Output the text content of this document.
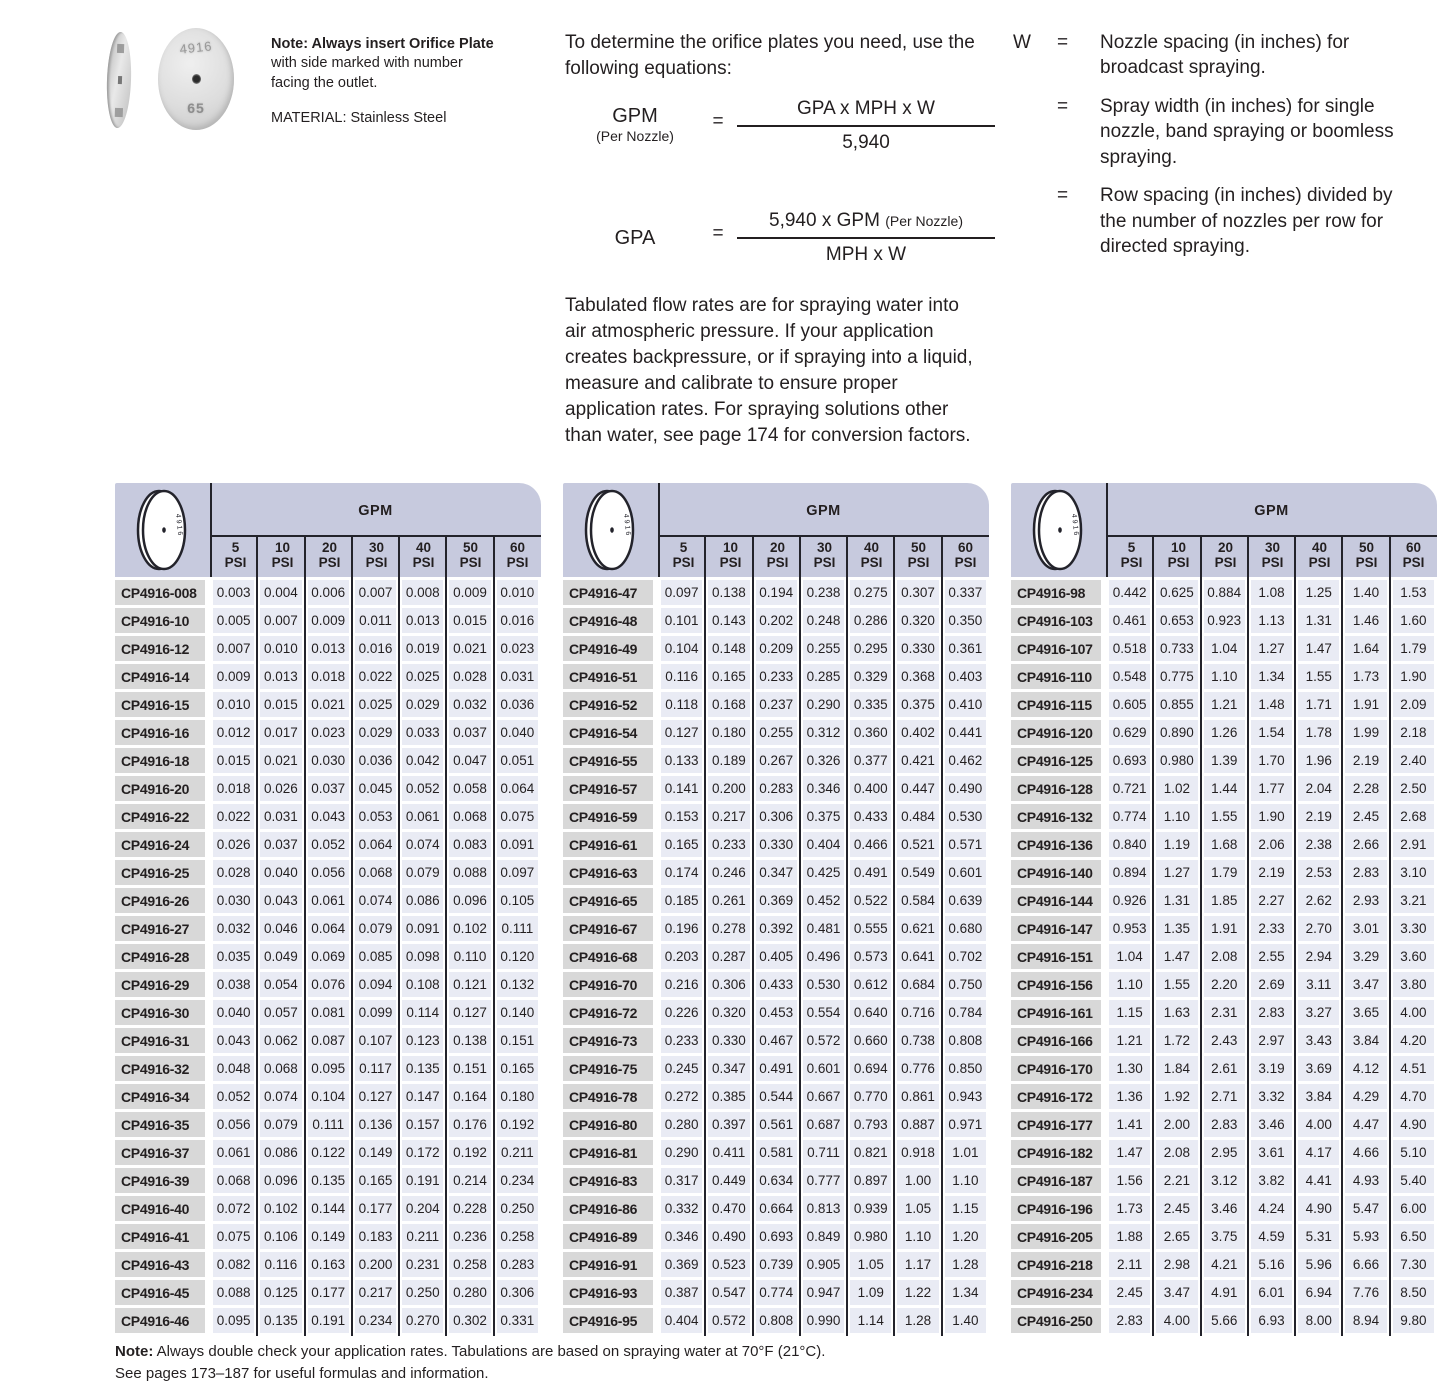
4916
65
Note: Always insert Orifice Plate with side marked with number facing the outlet.
MATERIAL: Stainless Steel
To determine the orifice plates you need, use the following equations:
GPM
(Per Nozzle)
=
GPA x MPH x W
5,940
GPA	=
5,940 x GPM (Per Nozzle)
MPH x W
Tabulated flow rates are for spraying water into air atmospheric pressure. If your application creates backpressure, or if spraying into a liquid, measure and calibrate to ensure proper application rates. For spraying solutions other than water, see page 174 for conversion factors.
W	=	Nozzle spacing (in inches) for broadcast spraying.
=	Spray width (in inches) for single nozzle, band spraying or boomless spraying.
=	Row spacing (in inches) divided by the number of nozzles per row for directed spraying.
4916
GPM
5
PSI
10
PSI
20
PSI
30
PSI
40
PSI
50
PSI
60
PSI
CP4916-008	0.003 0.004 0.006 0.007 0.008 0.009 0.010
CP4916-10	0.005 0.007 0.009	0.011	0.013 0.015 0.016
CP4916-12	0.007 0.010 0.013 0.016 0.019 0.021 0.023
CP4916-14	0.009 0.013 0.018 0.022 0.025 0.028 0.031
CP4916-15	0.010 0.015 0.021 0.025 0.029 0.032 0.036
CP4916-16	0.012 0.017 0.023 0.029 0.033 0.037 0.040
CP4916-18	0.015 0.021 0.030 0.036 0.042 0.047 0.051
CP4916-20	0.018 0.026 0.037 0.045 0.052 0.058 0.064
CP4916-22	0.022 0.031 0.043 0.053 0.061 0.068 0.075
CP4916-24	0.026 0.037 0.052 0.064 0.074 0.083 0.091
CP4916-25	0.028 0.040 0.056 0.068 0.079 0.088 0.097
CP4916-26	0.030 0.043 0.061 0.074 0.086 0.096 0.105
CP4916-27	0.032 0.046 0.064 0.079 0.091 0.102	0.111
CP4916-28	0.035 0.049 0.069 0.085 0.098	0.110	0.120
CP4916-29	0.038 0.054 0.076 0.094 0.108 0.121 0.132
CP4916-30	0.040 0.057 0.081 0.099	0.114	0.127 0.140
CP4916-31	0.043 0.062 0.087 0.107 0.123 0.138 0.151
CP4916-32	0.048 0.068 0.095	0.117	0.135 0.151 0.165
CP4916-34	0.052 0.074 0.104 0.127 0.147 0.164 0.180
CP4916-35	0.056 0.079	0.111	0.136 0.157 0.176 0.192
CP4916-37	0.061 0.086 0.122 0.149 0.172 0.192	0.211
CP4916-39	0.068 0.096 0.135 0.165 0.191 0.214 0.234
CP4916-40	0.072 0.102 0.144 0.177 0.204 0.228 0.250
CP4916-41	0.075 0.106 0.149 0.183	0.211	0.236 0.258
CP4916-43	0.082	0.116	0.163 0.200 0.231 0.258 0.283
CP4916-45	0.088 0.125 0.177 0.217 0.250 0.280 0.306
CP4916-46	0.095 0.135 0.191 0.234 0.270 0.302 0.331
4916
GPM
5
PSI
10
PSI
20
PSI
30
PSI
40
PSI
50
PSI
60
PSI
CP4916-47	0.097 0.138 0.194 0.238 0.275 0.307 0.337
CP4916-48	0.101 0.143 0.202 0.248 0.286 0.320 0.350
CP4916-49	0.104 0.148 0.209 0.255 0.295 0.330 0.361
CP4916-51	0.116	0.165 0.233 0.285 0.329 0.368 0.403
CP4916-52	0.118	0.168 0.237 0.290 0.335 0.375 0.410
CP4916-54	0.127 0.180 0.255 0.312 0.360 0.402 0.441
CP4916-55	0.133 0.189 0.267 0.326 0.377 0.421 0.462
CP4916-57	0.141 0.200 0.283 0.346 0.400 0.447 0.490
CP4916-59	0.153 0.217 0.306 0.375 0.433 0.484 0.530
CP4916-61	0.165 0.233 0.330 0.404 0.466 0.521 0.571
CP4916-63	0.174 0.246 0.347 0.425 0.491 0.549 0.601
CP4916-65	0.185 0.261 0.369 0.452 0.522 0.584 0.639
CP4916-67	0.196 0.278 0.392 0.481 0.555 0.621 0.680
CP4916-68	0.203 0.287 0.405 0.496 0.573 0.641 0.702
CP4916-70	0.216 0.306 0.433 0.530 0.612 0.684 0.750
CP4916-72	0.226 0.320 0.453 0.554 0.640 0.716 0.784
CP4916-73	0.233 0.330 0.467 0.572 0.660 0.738 0.808
CP4916-75	0.245 0.347 0.491 0.601 0.694 0.776 0.850
CP4916-78	0.272 0.385 0.544 0.667 0.770 0.861 0.943
CP4916-80	0.280 0.397 0.561 0.687 0.793 0.887 0.971
CP4916-81	0.290	0.411	0.581	0.711	0.821 0.918	1.01
CP4916-83	0.317 0.449 0.634 0.777 0.897	1.00	1.10
CP4916-86	0.332 0.470 0.664 0.813 0.939	1.05	1.15
CP4916-89	0.346 0.490 0.693 0.849 0.980	1.10	1.20
CP4916-91	0.369 0.523 0.739 0.905	1.05	1.17	1.28
CP4916-93	0.387 0.547 0.774 0.947	1.09	1.22	1.34
CP4916-95	0.404 0.572 0.808 0.990	1.14	1.28	1.40
4916
GPM
5
PSI
10
PSI
20
PSI
30
PSI
40
PSI
50
PSI
60
PSI
CP4916-98	0.442 0.625 0.884	1.08	1.25	1.40	1.53
CP4916-103	0.461 0.653 0.923	1.13	1.31	1.46	1.60
CP4916-107	0.518 0.733	1.04	1.27	1.47	1.64	1.79
CP4916-110	0.548 0.775	1.10	1.34	1.55	1.73	1.90
CP4916-115	0.605 0.855	1.21	1.48	1.71	1.91	2.09
CP4916-120	0.629 0.890	1.26	1.54	1.78	1.99	2.18
CP4916-125	0.693 0.980	1.39	1.70	1.96	2.19	2.40
CP4916-128	0.721	1.02	1.44	1.77	2.04	2.28	2.50
CP4916-132	0.774	1.10	1.55	1.90	2.19	2.45	2.68
CP4916-136	0.840	1.19	1.68	2.06	2.38	2.66	2.91
CP4916-140	0.894	1.27	1.79	2.19	2.53	2.83	3.10
CP4916-144	0.926	1.31	1.85	2.27	2.62	2.93	3.21
CP4916-147	0.953	1.35	1.91	2.33	2.70	3.01	3.30
CP4916-151	1.04	1.47	2.08	2.55	2.94	3.29	3.60
CP4916-156	1.10	1.55	2.20	2.69	3.11	3.47	3.80
CP4916-161	1.15	1.63	2.31	2.83	3.27	3.65	4.00
CP4916-166	1.21	1.72	2.43	2.97	3.43	3.84	4.20
CP4916-170	1.30	1.84	2.61	3.19	3.69	4.12	4.51
CP4916-172	1.36	1.92	2.71	3.32	3.84	4.29	4.70
CP4916-177	1.41	2.00	2.83	3.46	4.00	4.47	4.90
CP4916-182	1.47	2.08	2.95	3.61	4.17	4.66	5.10
CP4916-187	1.56	2.21	3.12	3.82	4.41	4.93	5.40
CP4916-196	1.73	2.45	3.46	4.24	4.90	5.47	6.00
CP4916-205	1.88	2.65	3.75	4.59	5.31	5.93	6.50
CP4916-218	2.11	2.98	4.21	5.16	5.96	6.66	7.30
CP4916-234	2.45	3.47	4.91	6.01	6.94	7.76	8.50
CP4916-250	2.83	4.00	5.66	6.93	8.00	8.94	9.80
Note: Always double check your application rates. Tabulations are based on spraying water at 70°F (21°C).
See pages 173–187 for useful formulas and information.
